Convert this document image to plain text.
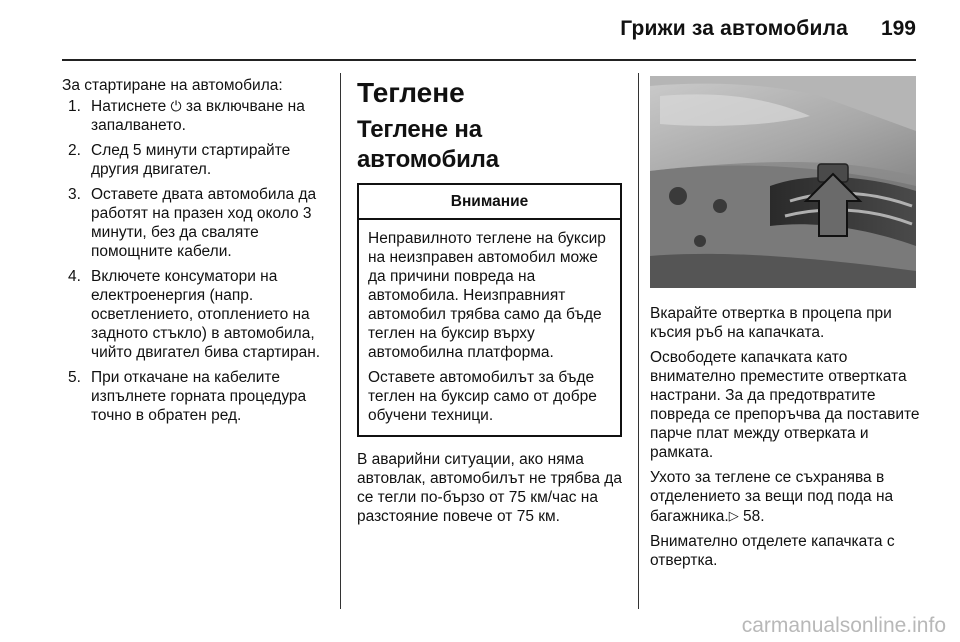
Грижи за автомобила 199
За стартиране на автомобила:
1. Натиснете ⏻ за включване на запалването.
2. След 5 минути стартирайте другия двигател.
3. Оставете двата автомобила да работят на празен ход около 3 минути, без да сваляте помощните кабели.
4. Включете консуматори на електроенергия (напр. осветлението, отоплението на задното стъкло) в автомобила, чийто двигател бива стартиран.
5. При откачане на кабелите изпълнете горната процедура точно в обратен ред.
Теглене
Теглене на автомобила
Внимание

Неправилното теглене на буксир на неизправен автомобил може да причини повреда на автомобила. Неизправният автомобил трябва само да бъде теглен на буксир върху автомобилна платформа.

Оставете автомобилът за бъде теглен на буксир само от добре обучени техници.

В аварийни ситуации, ако няма автовлак, автомобилът не трябва да се тегли по-бързо от 75 км/час на разстояние повече от 75 км.

Вкарайте отвертка в процепа при късия ръб на капачката.

Освободете капачката като внимателно преместите отвертката настрани. За да предотвратите повреда се препоръчва да поставите парче плат между отверката и рамката.

Ухото за теглене се съхранява в отделението за вещи под пода на багажника.▷ 58.

Внимателно отделете капачката с отвертка.

carmanualsonline.info
